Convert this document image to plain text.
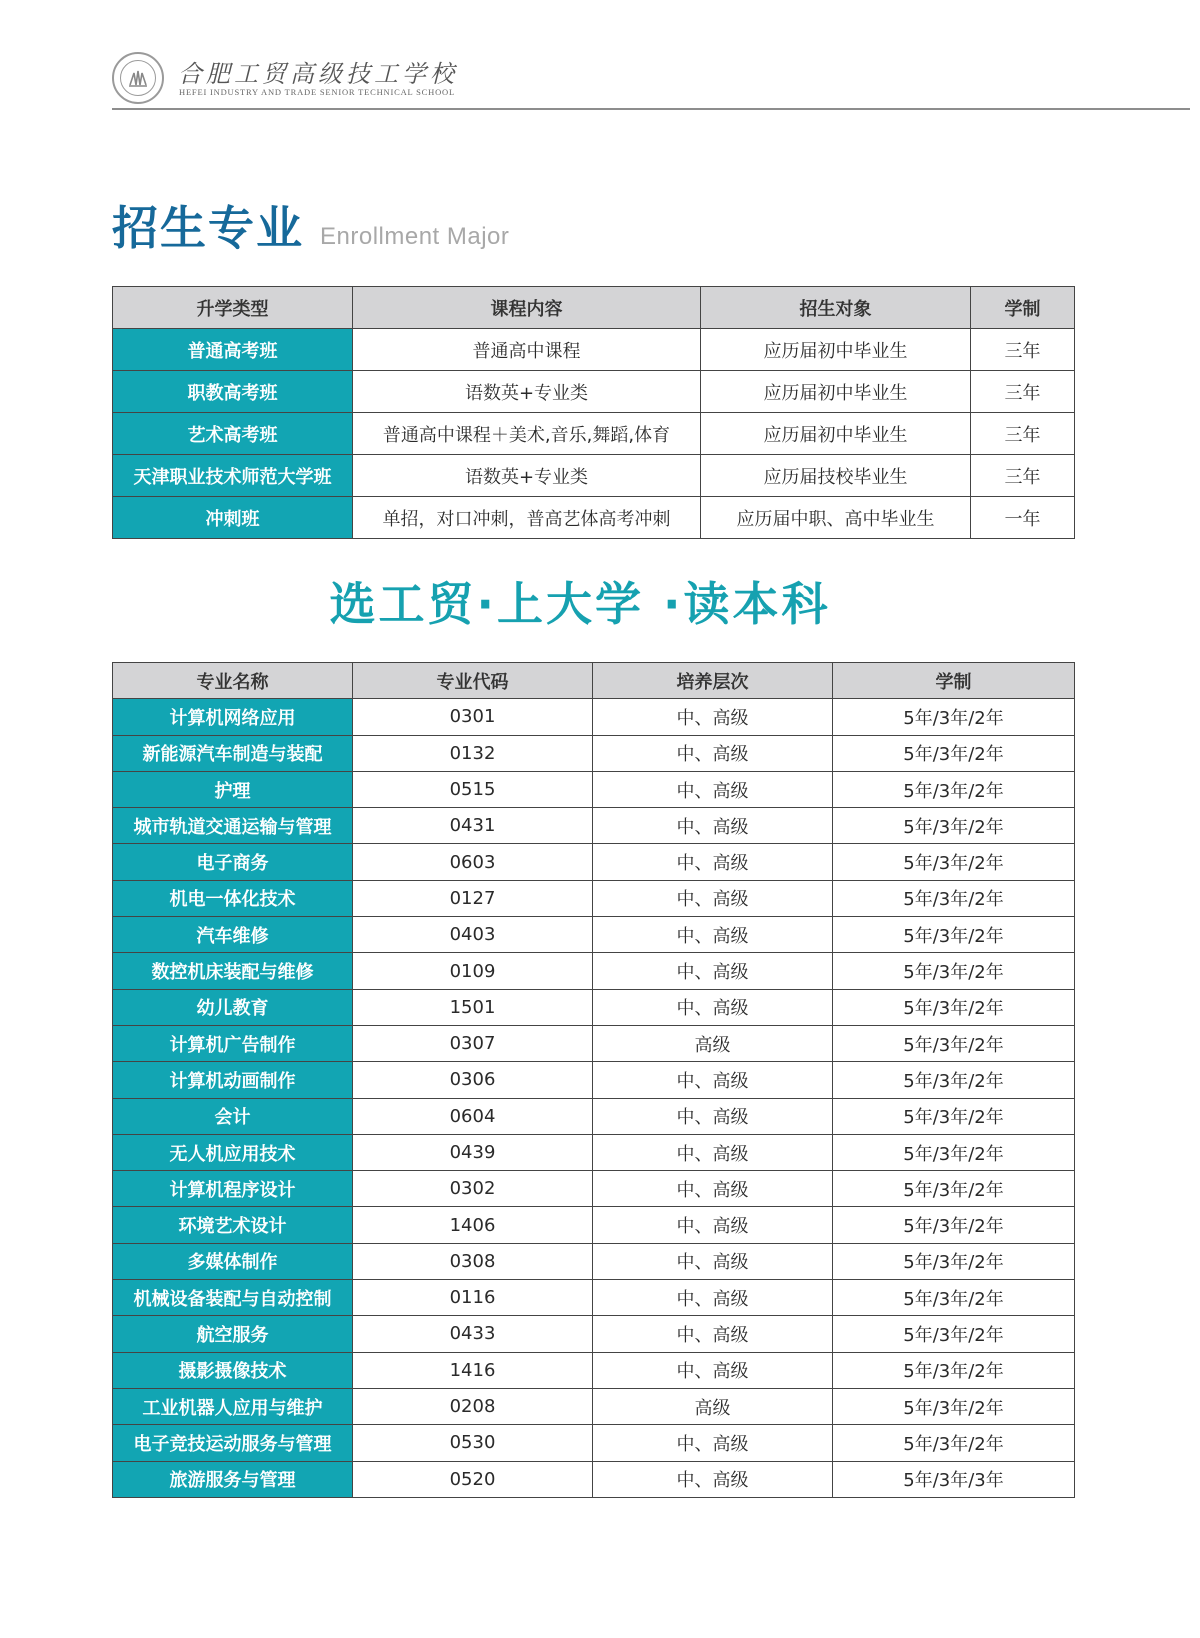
合肥工贸高级技工学校
HEFEI INDUSTRY AND TRADE SENIOR TECHNICAL SCHOOL
招生专业 Enrollment Major
升学类型	课程内容	招生对象	学制
普通高考班	普通高中课程	应历届初中毕业生	三年
职教高考班	语数英+专业类	应历届初中毕业生	三年
艺术高考班	普通高中课程＋美术,音乐,舞蹈,体育	应历届初中毕业生	三年
天津职业技术师范大学班	语数英+专业类	应历届技校毕业生	三年
冲刺班	单招，对口冲刺，普高艺体高考冲刺	应历届中职、高中毕业生	一年
选工贸·上大学 ·读本科
专业名称	专业代码	培养层次	学制
计算机网络应用	0301	中、高级	5年/3年/2年
新能源汽车制造与装配	0132	中、高级	5年/3年/2年
护理	0515	中、高级	5年/3年/2年
城市轨道交通运输与管理	0431	中、高级	5年/3年/2年
电子商务	0603	中、高级	5年/3年/2年
机电一体化技术	0127	中、高级	5年/3年/2年
汽车维修	0403	中、高级	5年/3年/2年
数控机床装配与维修	0109	中、高级	5年/3年/2年
幼儿教育	1501	中、高级	5年/3年/2年
计算机广告制作	0307	高级	5年/3年/2年
计算机动画制作	0306	中、高级	5年/3年/2年
会计	0604	中、高级	5年/3年/2年
无人机应用技术	0439	中、高级	5年/3年/2年
计算机程序设计	0302	中、高级	5年/3年/2年
环境艺术设计	1406	中、高级	5年/3年/2年
多媒体制作	0308	中、高级	5年/3年/2年
机械设备装配与自动控制	0116	中、高级	5年/3年/2年
航空服务	0433	中、高级	5年/3年/2年
摄影摄像技术	1416	中、高级	5年/3年/2年
工业机器人应用与维护	0208	高级	5年/3年/2年
电子竞技运动服务与管理	0530	中、高级	5年/3年/2年
旅游服务与管理	0520	中、高级	5年/3年/3年
